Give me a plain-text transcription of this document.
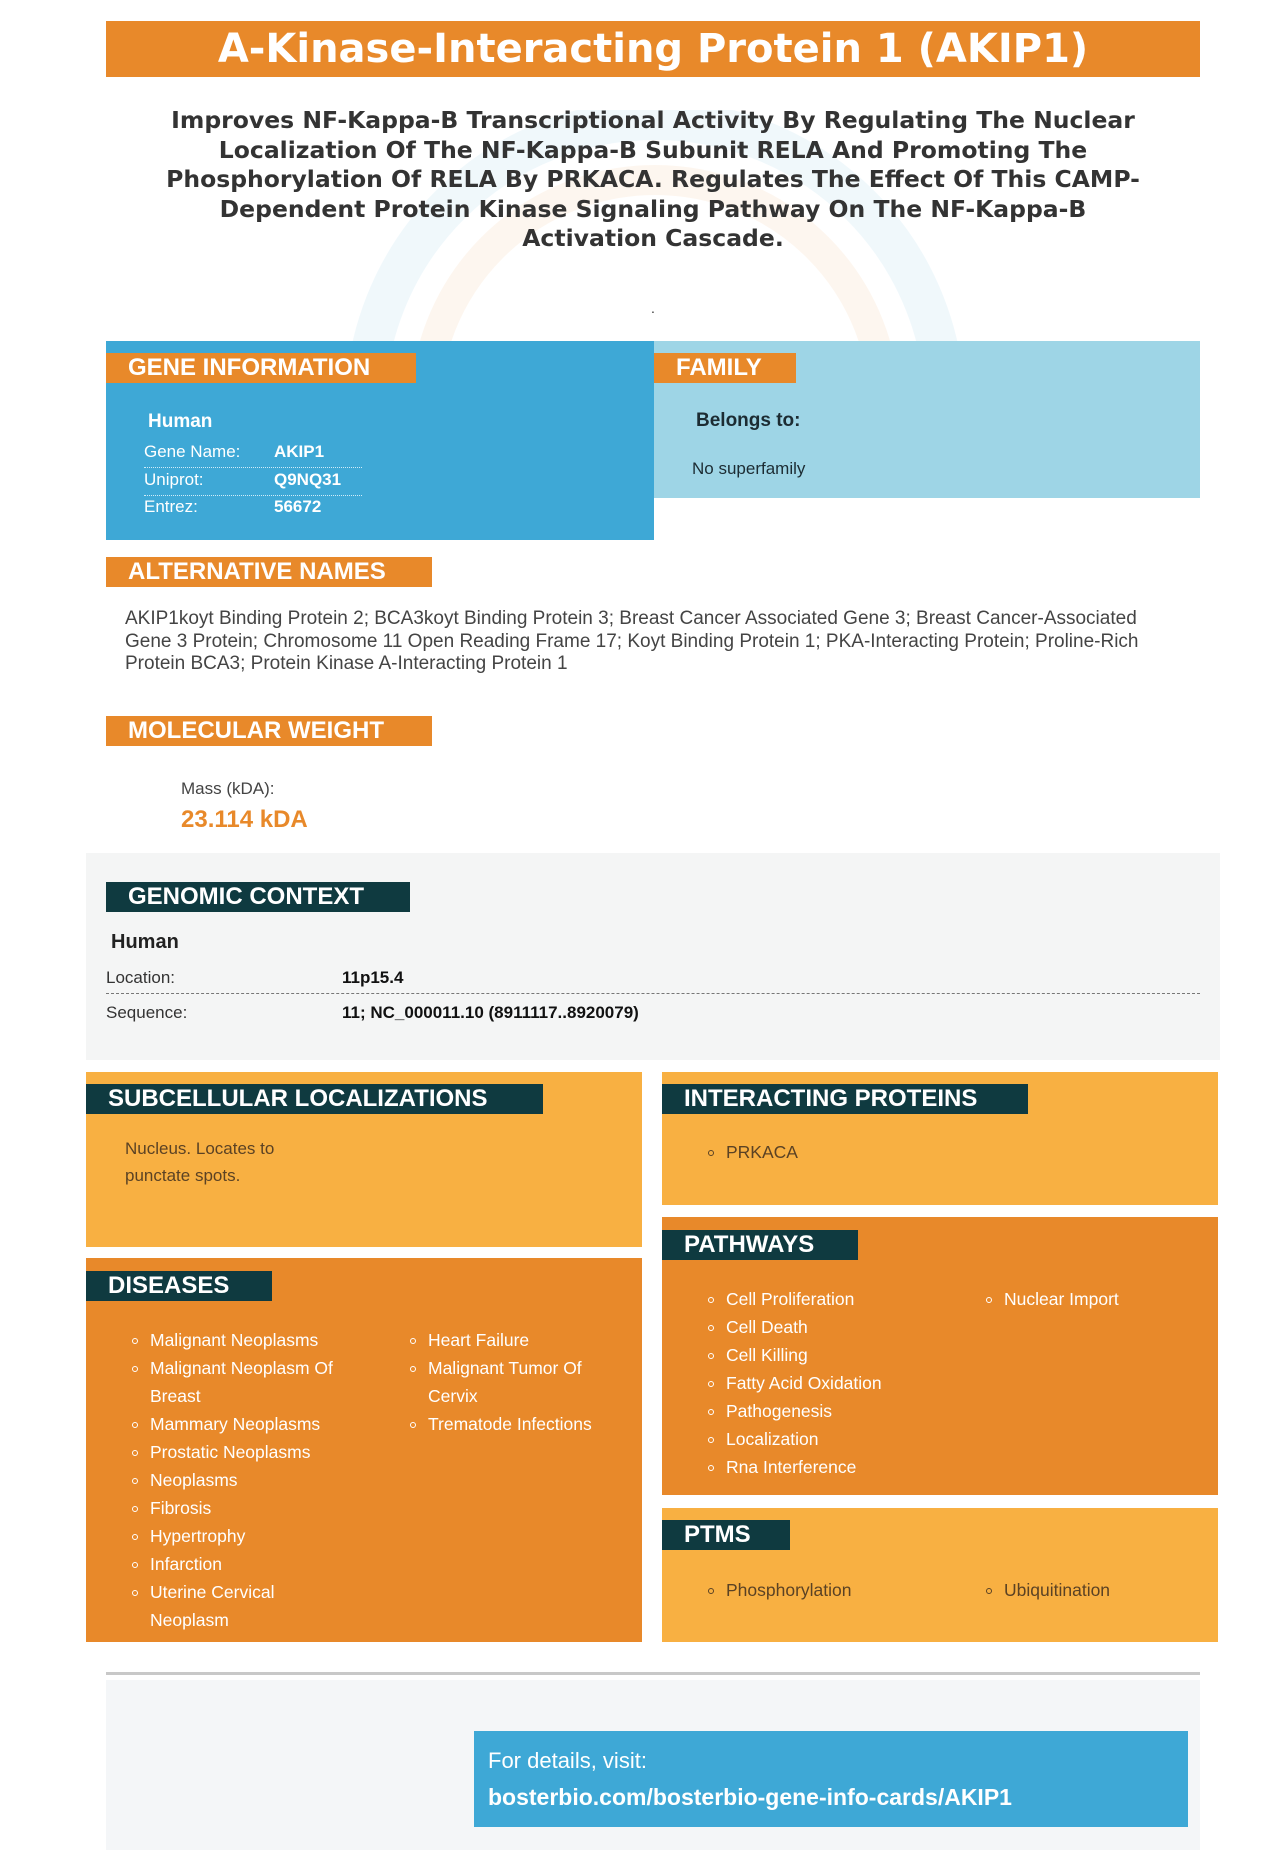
A-Kinase-Interacting Protein 1 (AKIP1)
Improves NF-Kappa-B Transcriptional Activity By Regulating The Nuclear Localization Of The NF-Kappa-B Subunit RELA And Promoting The Phosphorylation Of RELA By PRKACA. Regulates The Effect Of This CAMP-Dependent Protein Kinase Signaling Pathway On The NF-Kappa-B Activation Cascade.
.
Human
Gene Name: AKIP1
Uniprot:	Q9NQ31
Entrez:	56672
GENE INFORMATION
Belongs to:
No superfamily
FAMILY
ALTERNATIVE NAMES
AKIP1koyt Binding Protein 2; BCA3koyt Binding Protein 3; Breast Cancer Associated Gene 3; Breast Cancer-Associated Gene 3 Protein; Chromosome 11 Open Reading Frame 17; Koyt Binding Protein 1; PKA-Interacting Protein; Proline-Rich Protein BCA3; Protein Kinase A-Interacting Protein 1
MOLECULAR WEIGHT
Mass (kDA):
23.114 kDA
Human
Location:	11p15.4
Sequence:	11; NC_000011.10 (8911117..8920079)
GENOMIC CONTEXT
Nucleus. Locates to
punctate spots.
SUBCELLULAR LOCALIZATIONS
PRKACA
INTERACTING PROTEINS
Malignant Neoplasms
Malignant Neoplasm Of Breast
Mammary Neoplasms
Prostatic Neoplasms
Neoplasms
Fibrosis
Hypertrophy
Infarction
Uterine Cervical Neoplasm
Heart Failure
Malignant Tumor Of Cervix
Trematode Infections
DISEASES	Cell Proliferation
Cell Death
Cell Killing
Fatty Acid Oxidation
Pathogenesis
Localization
Rna Interference
Nuclear Import
PATHWAYS
Phosphorylation	Ubiquitination
PTMS
For details, visit:
bosterbio.com/bosterbio-gene-info-cards/AKIP1
